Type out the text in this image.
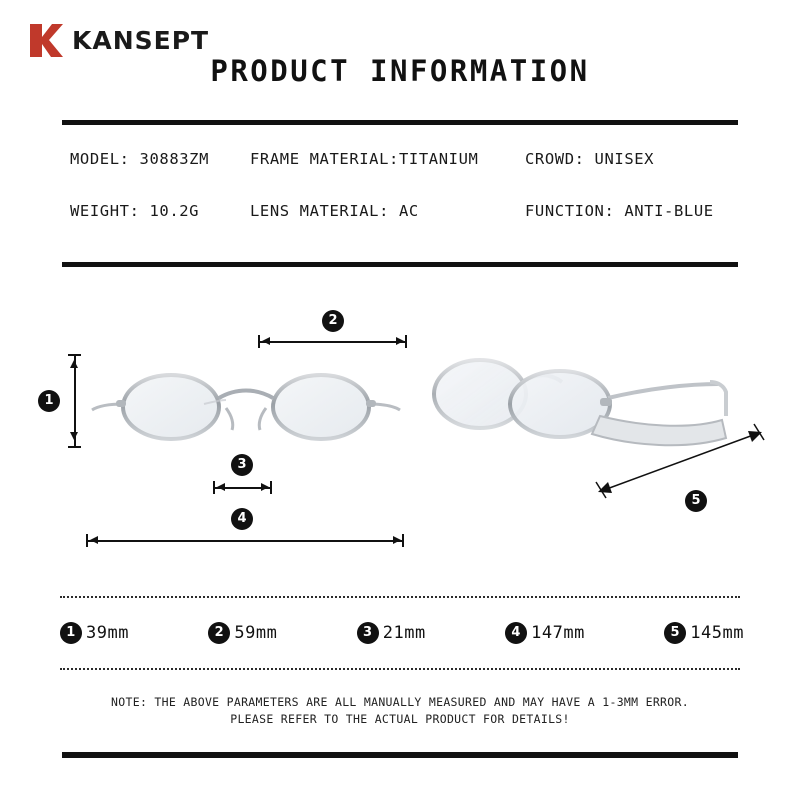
KANSEPT
PRODUCT INFORMATION
MODEL: 30883ZM	FRAME MATERIAL:TITANIUM	CROWD: UNISEX
WEIGHT: 10.2G	LENS MATERIAL: AC	FUNCTION: ANTI-BLUE
1
2
3
4
5
1 39mm	2 59mm	3 21mm	4 147mm	5 145mm
NOTE: THE ABOVE PARAMETERS ARE ALL MANUALLY MEASURED AND MAY HAVE A 1-3MM ERROR.
PLEASE REFER TO THE ACTUAL PRODUCT FOR DETAILS!
